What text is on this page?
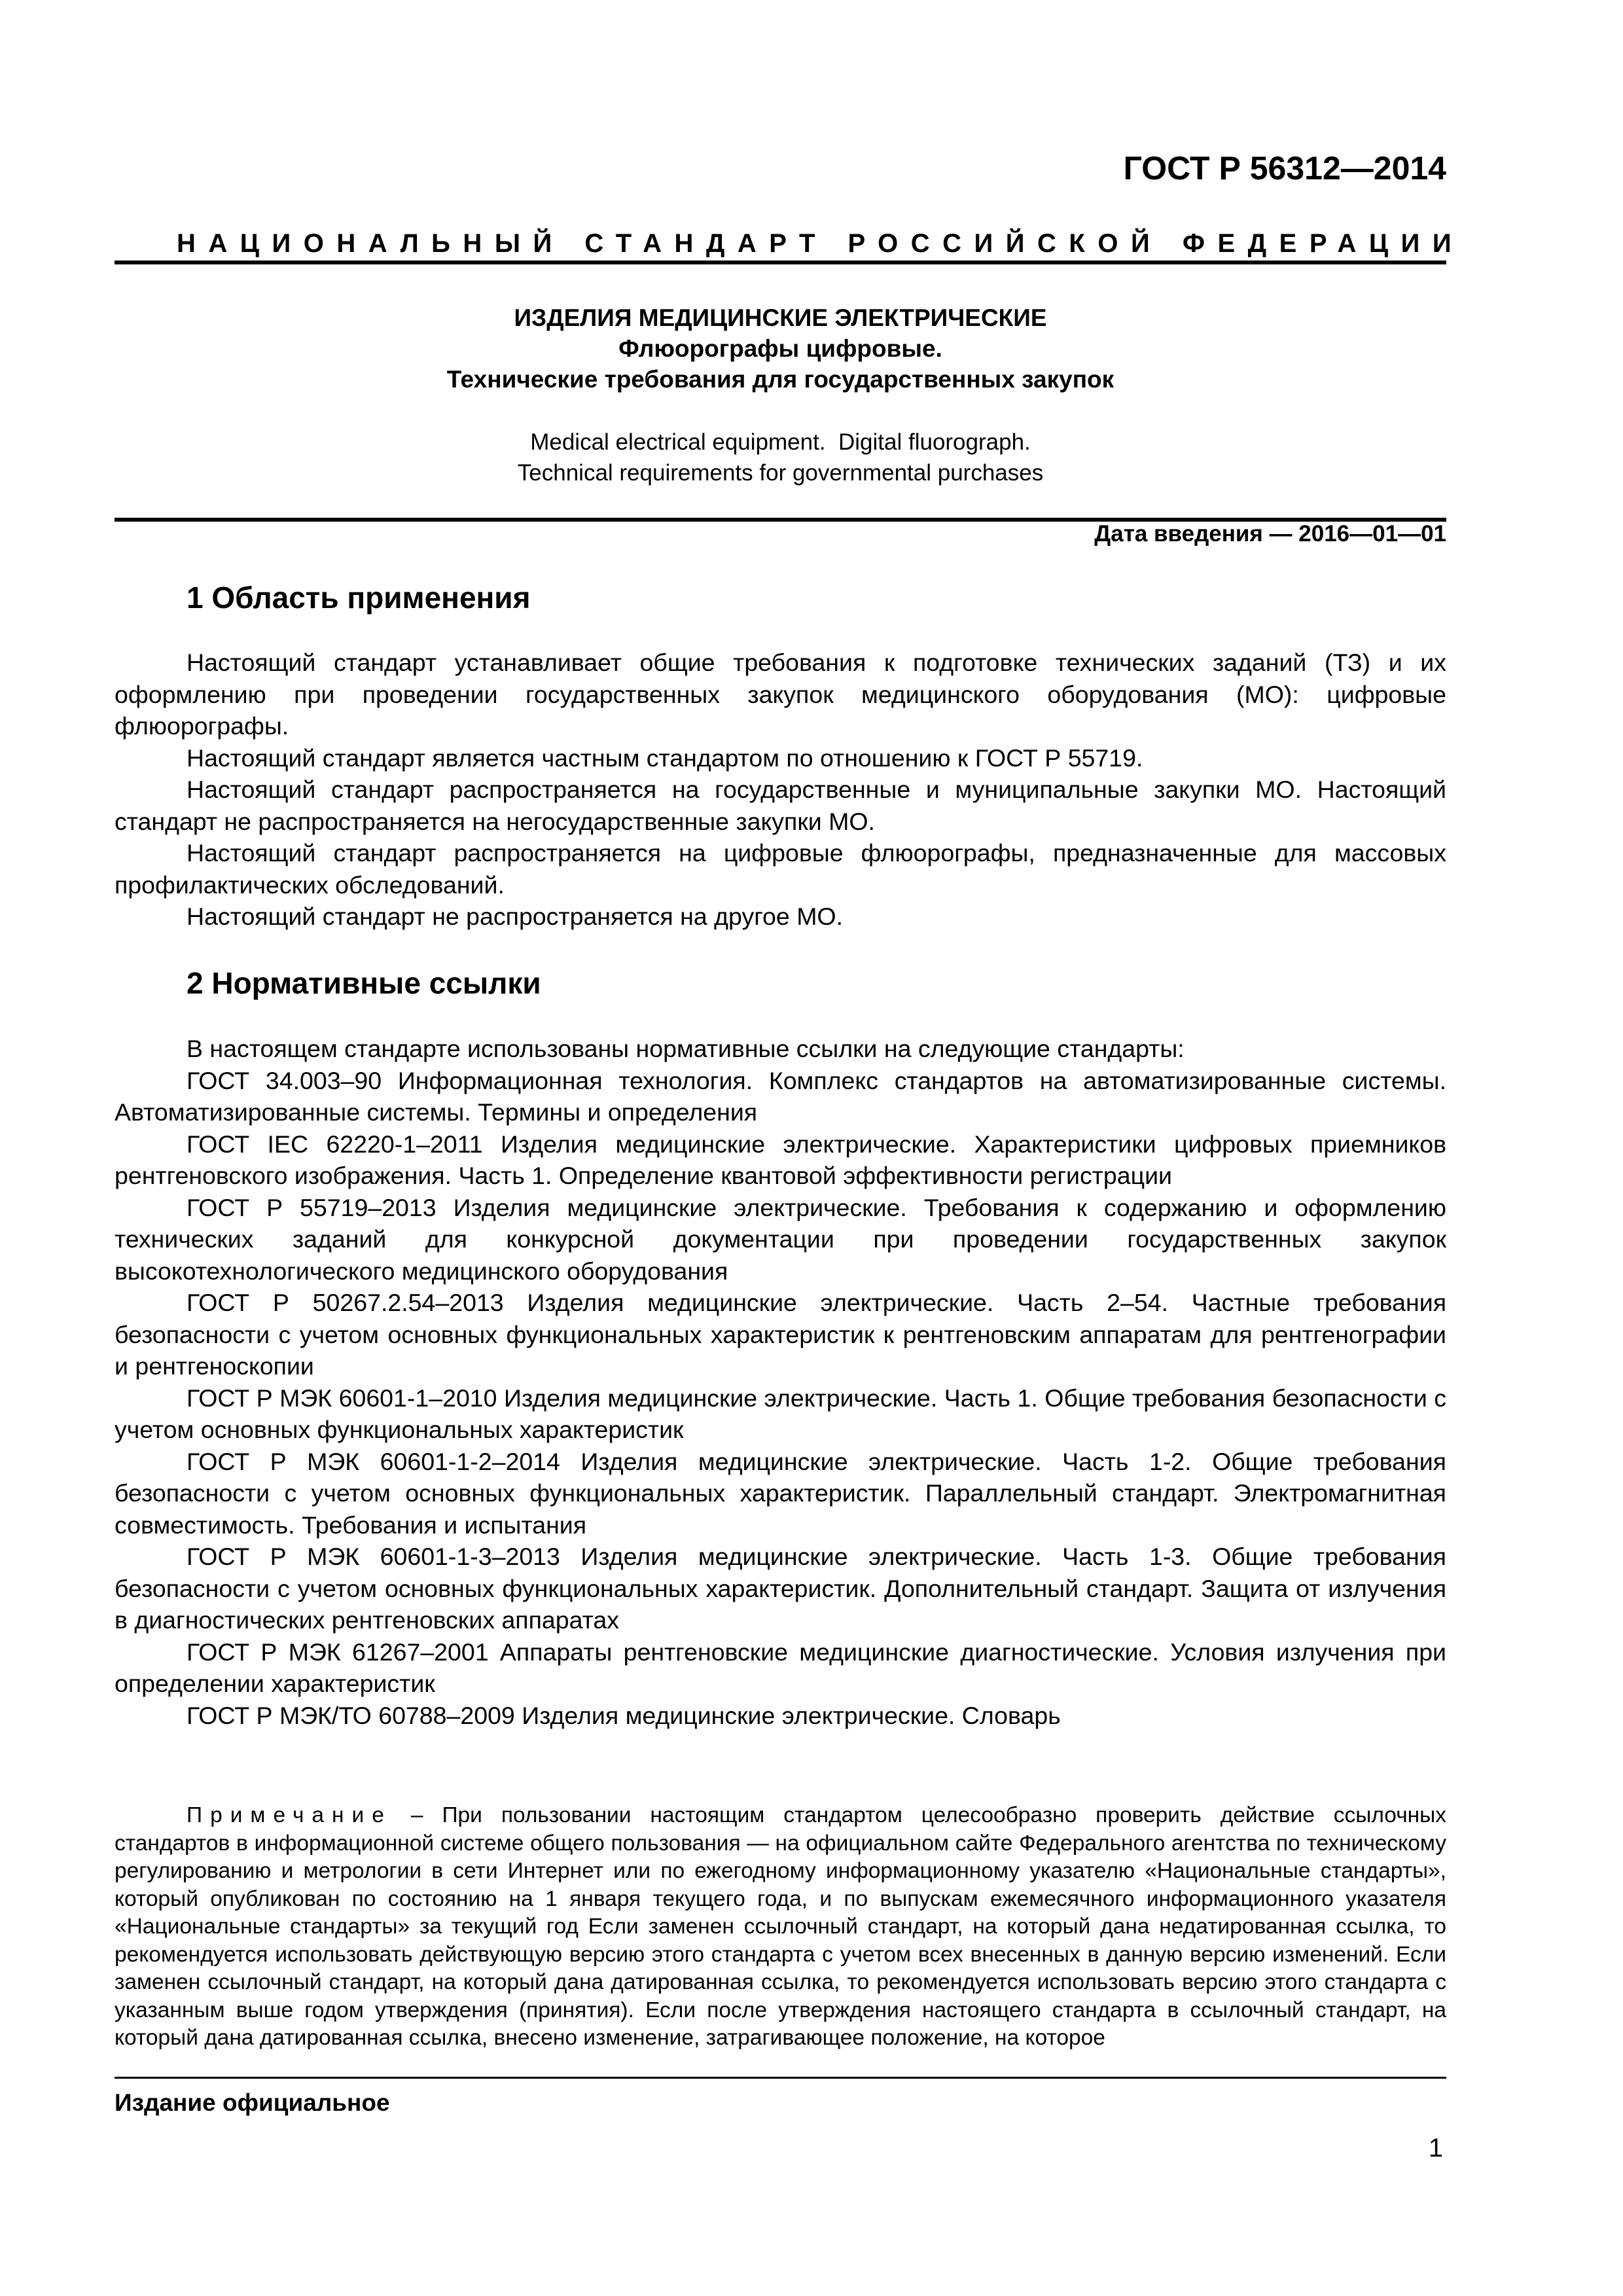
ГОСТ Р 56312—2014
НАЦИОНАЛЬНЫЙ СТАНДАРТ РОССИЙСКОЙ ФЕДЕРАЦИИ
ИЗДЕЛИЯ МЕДИЦИНСКИЕ ЭЛЕКТРИЧЕСКИЕ
Флюорографы цифровые.
Технические требования для государственных закупок
Medical electrical equipment.  Digital fluorograph.
Technical requirements for governmental purchases
Дата введения — 2016—01—01
1 Область применения

Настоящий стандарт устанавливает общие требования к подготовке технических заданий (ТЗ) и их оформлению при проведении государственных закупок медицинского оборудования (МО): цифровые флюорографы.

Настоящий стандарт является частным стандартом по отношению к ГОСТ Р 55719.

Настоящий стандарт распространяется на государственные и муниципальные закупки МО. Настоящий стандарт не распространяется на негосударственные закупки МО.

Настоящий стандарт распространяется на цифровые флюорографы, предназначенные для массовых профилактических обследований.

Настоящий стандарт не распространяется на другое МО.

2 Нормативные ссылки

В настоящем стандарте использованы нормативные ссылки на следующие стандарты:

ГОСТ 34.003–90 Информационная технология. Комплекс стандартов на автоматизированные системы. Автоматизированные системы. Термины и определения

ГОСТ IEC 62220-1–2011 Изделия медицинские электрические. Характеристики цифровых приемников рентгеновского изображения. Часть 1. Определение квантовой эффективности регистрации

ГОСТ Р 55719–2013 Изделия медицинские электрические. Требования к содержанию и оформлению технических заданий для конкурсной документации при проведении государственных закупок высокотехнологического медицинского оборудования

ГОСТ Р 50267.2.54–2013 Изделия медицинские электрические. Часть 2–54. Частные требования безопасности с учетом основных функциональных характеристик к рентгеновским аппаратам для рентгенографии и рентгеноскопии

ГОСТ Р МЭК 60601-1–2010 Изделия медицинские электрические. Часть 1. Общие требования безопасности с учетом основных функциональных характеристик

ГОСТ Р МЭК 60601-1-2–2014 Изделия медицинские электрические. Часть 1-2. Общие требования безопасности с учетом основных функциональных характеристик. Параллельный стандарт. Электромагнитная совместимость. Требования и испытания

ГОСТ Р МЭК 60601-1-3–2013 Изделия медицинские электрические. Часть 1-3. Общие требования безопасности с учетом основных функциональных характеристик. Дополнительный стандарт. Защита от излучения в диагностических рентгеновских аппаратах

ГОСТ Р МЭК 61267–2001 Аппараты рентгеновские медицинские диагностические. Условия излучения при определении характеристик

ГОСТ Р МЭК/ТО 60788–2009 Изделия медицинские электрические. Словарь

Примечание – При пользовании настоящим стандартом целесообразно проверить действие ссылочных стандартов в информационной системе общего пользования — на официальном сайте Федерального агентства по техническому регулированию и метрологии в сети Интернет или по ежегодному информационному указателю «Национальные стандарты», который опубликован по состоянию на 1 января текущего года, и по выпускам ежемесячного информационного указателя «Национальные стандарты» за текущий год Если заменен ссылочный стандарт, на который дана недатированная ссылка, то рекомендуется использовать действующую версию этого стандарта с учетом всех внесенных в данную версию изменений. Если заменен ссылочный стандарт, на который дана датированная ссылка, то рекомендуется использовать версию этого стандарта с указанным выше годом утверждения (принятия). Если после утверждения настоящего стандарта в ссылочный стандарт, на который дана датированная ссылка, внесено изменение, затрагивающее положение, на которое
Издание официальное
1
